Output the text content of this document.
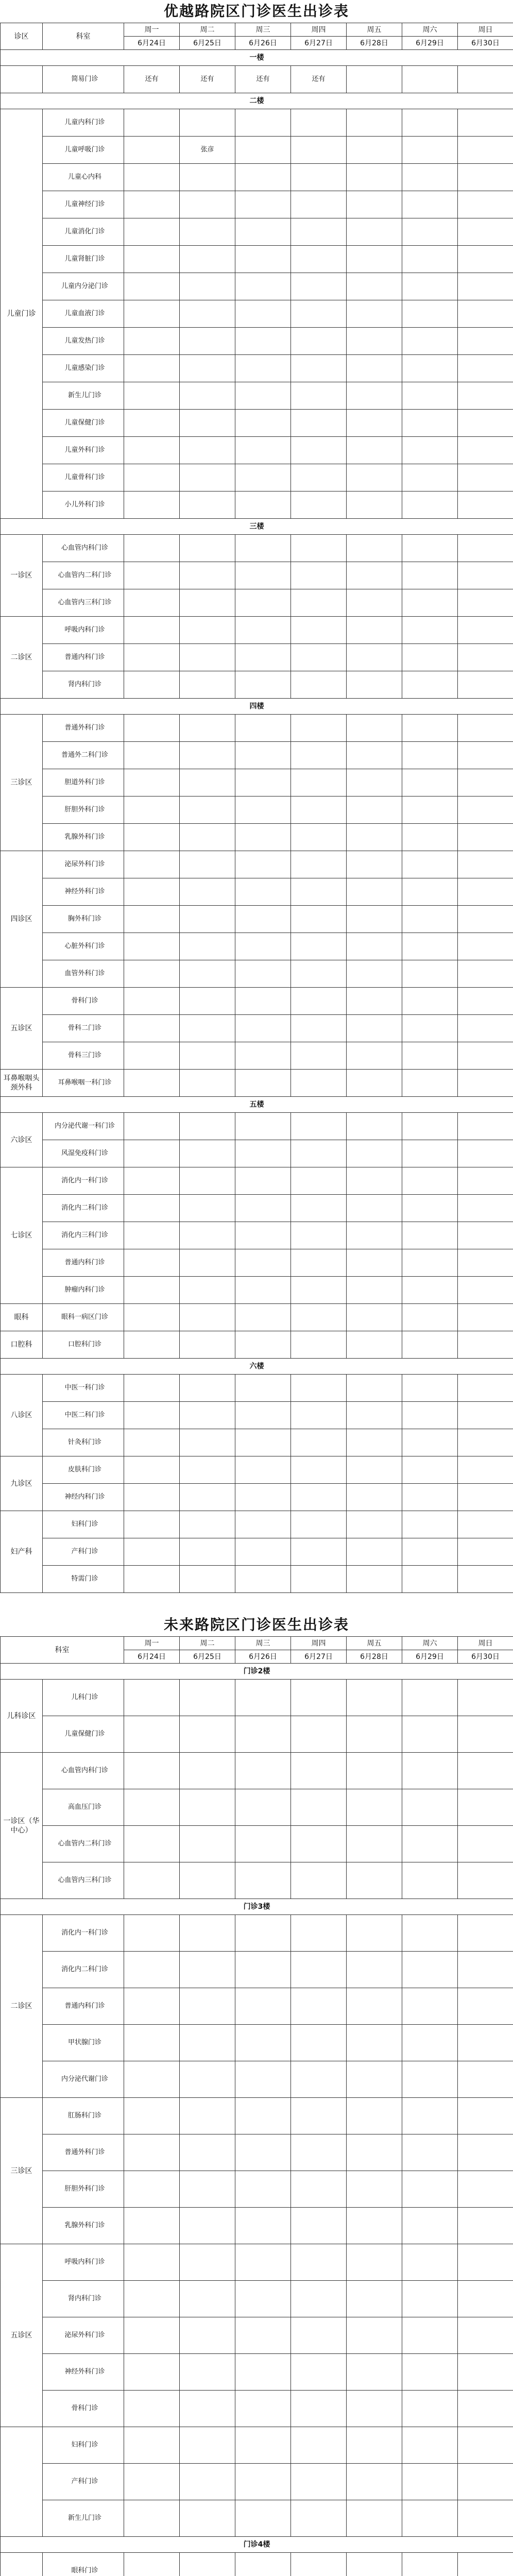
优越路院区门诊医生出诊表
诊区	科室	周一	周二	周三	周四	周五	周六	周日
		6月24日	6月25日	6月26日	6月27日	6月28日	6月29日	6月30日
一楼								
	简易门诊	还有	还有	还有	还有			
二楼								
儿童门诊	儿童内科门诊							
	儿童呼吸门诊		张彦					
	儿童心内科							
	儿童神经门诊							
	儿童消化门诊							
	儿童肾脏门诊							
	儿童内分泌门诊							
	儿童血液门诊							
	儿童发热门诊							
	儿童感染门诊							
	新生儿门诊							
	儿童保健门诊							
	儿童外科门诊							
	儿童骨科门诊							
	小儿外科门诊							
三楼								
一诊区	心血管内科门诊							
	心血管内二科门诊							
	心血管内三科门诊							
二诊区	呼吸内科门诊							
	普通内科门诊							
	肾内科门诊							
四楼								
三诊区	普通外科门诊							
	普通外二科门诊							
	胆道外科门诊							
	肝胆外科门诊							
	乳腺外科门诊							
四诊区	泌尿外科门诊							
	神经外科门诊							
	胸外科门诊							
	心脏外科门诊							
	血管外科门诊							
五诊区	骨科门诊							
	骨科二门诊							
	骨科三门诊							
耳鼻喉咽头颈外科	耳鼻喉咽一科门诊							
五楼								
六诊区	内分泌代谢一科门诊							
	风湿免疫科门诊							
七诊区	消化内一科门诊							
	消化内二科门诊							
	消化内三科门诊							
	普通内科门诊							
	肿瘤内科门诊							
眼科	眼科一病区门诊							
口腔科	口腔科门诊							
六楼								
八诊区	中医一科门诊							
	中医二科门诊							
	针灸科门诊							
九诊区	皮肤科门诊							
	神经内科门诊							
妇产科	妇科门诊							
	产科门诊							
	特需门诊							
未来路院区门诊医生出诊表
科室		周一	周二	周三	周四	周五	周六	周日
		6月24日	6月25日	6月26日	6月27日	6月28日	6月29日	6月30日
门诊2楼								
儿科诊区	儿科门诊							
	儿童保健门诊							
一诊区（华中心）	心血管内科门诊							
	高血压门诊							
	心血管内二科门诊							
	心血管内三科门诊							
门诊3楼								
二诊区	消化内一科门诊							
	消化内二科门诊							
	普通内科门诊							
	甲状腺门诊							
	内分泌代谢门诊							
三诊区	肛肠科门诊							
	普通外科门诊							
	肝胆外科门诊							
	乳腺外科门诊							
五诊区	呼吸内科门诊							
	肾内科门诊							
	泌尿外科门诊							
	神经外科门诊							
	骨科门诊							
	妇科门诊							
	产科门诊							
	新生儿门诊							
门诊4楼								
	眼科门诊							
